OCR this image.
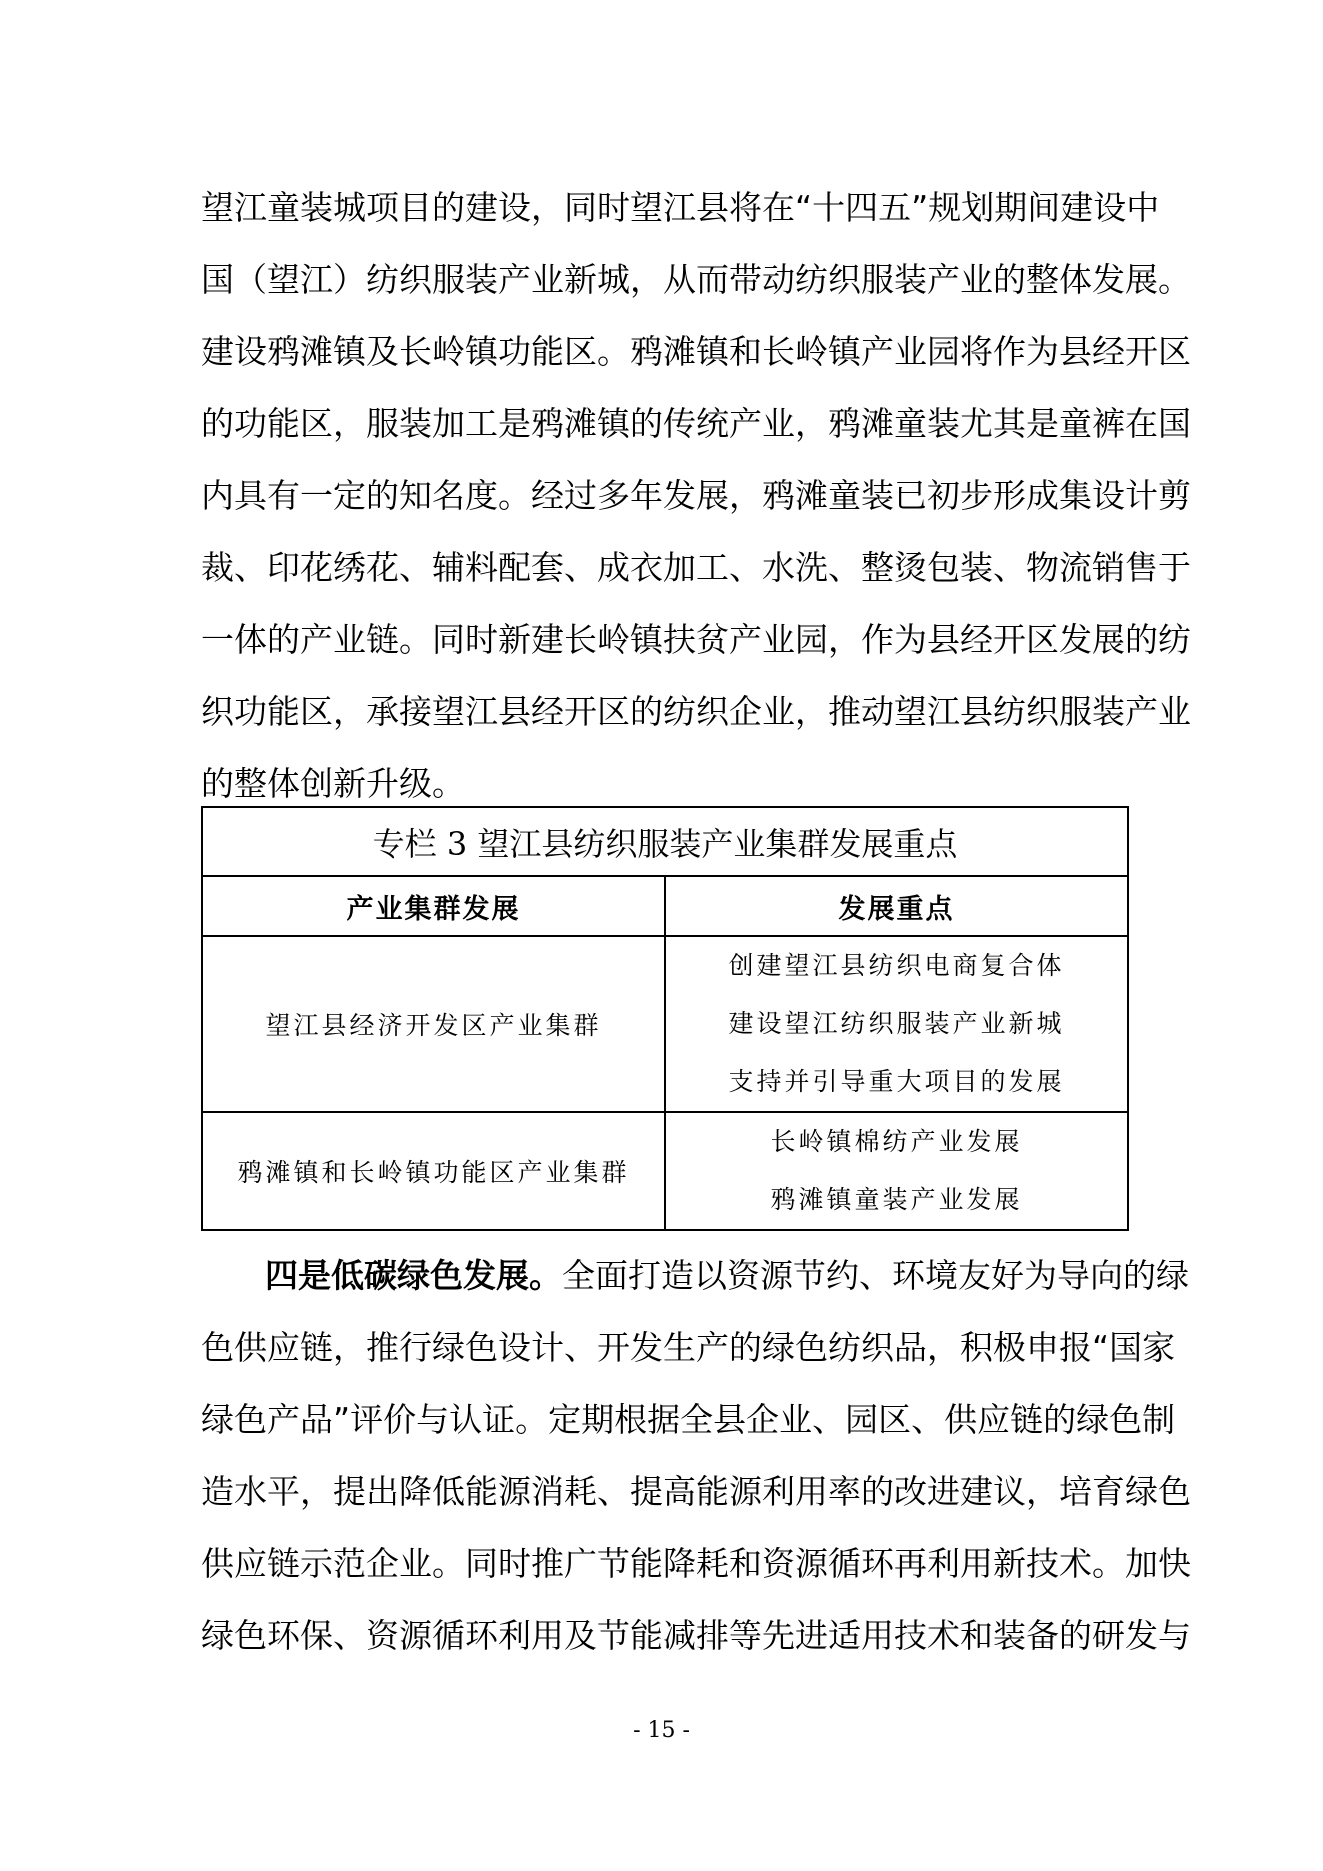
望江童装城项目的建设，同时望江县将在“十四五”规划期间建设中
国（望江）纺织服装产业新城，从而带动纺织服装产业的整体发展。
建设鸦滩镇及长岭镇功能区。鸦滩镇和长岭镇产业园将作为县经开区
的功能区，服装加工是鸦滩镇的传统产业，鸦滩童装尤其是童裤在国
内具有一定的知名度。经过多年发展，鸦滩童装已初步形成集设计剪
裁、印花绣花、辅料配套、成衣加工、水洗、整烫包装、物流销售于
一体的产业链。同时新建长岭镇扶贫产业园，作为县经开区发展的纺
织功能区，承接望江县经开区的纺织企业，推动望江县纺织服装产业
的整体创新升级。
专栏 3 望江县纺织服装产业集群发展重点	
产业集群发展	发展重点
望江县经济开发区产业集群	创建望江县纺织电商复合体
建设望江纺织服装产业新城
支持并引导重大项目的发展

鸦滩镇和长岭镇功能区产业集群	长岭镇棉纺产业发展
鸦滩镇童装产业发展
四是低碳绿色发展。全面打造以资源节约、环境友好为导向的绿
色供应链，推行绿色设计、开发生产的绿色纺织品，积极申报“国家
绿色产品”评价与认证。定期根据全县企业、园区、供应链的绿色制
造水平，提出降低能源消耗、提高能源利用率的改进建议，培育绿色
供应链示范企业。同时推广节能降耗和资源循环再利用新技术。加快
绿色环保、资源循环利用及节能减排等先进适用技术和装备的研发与
- 15 -
